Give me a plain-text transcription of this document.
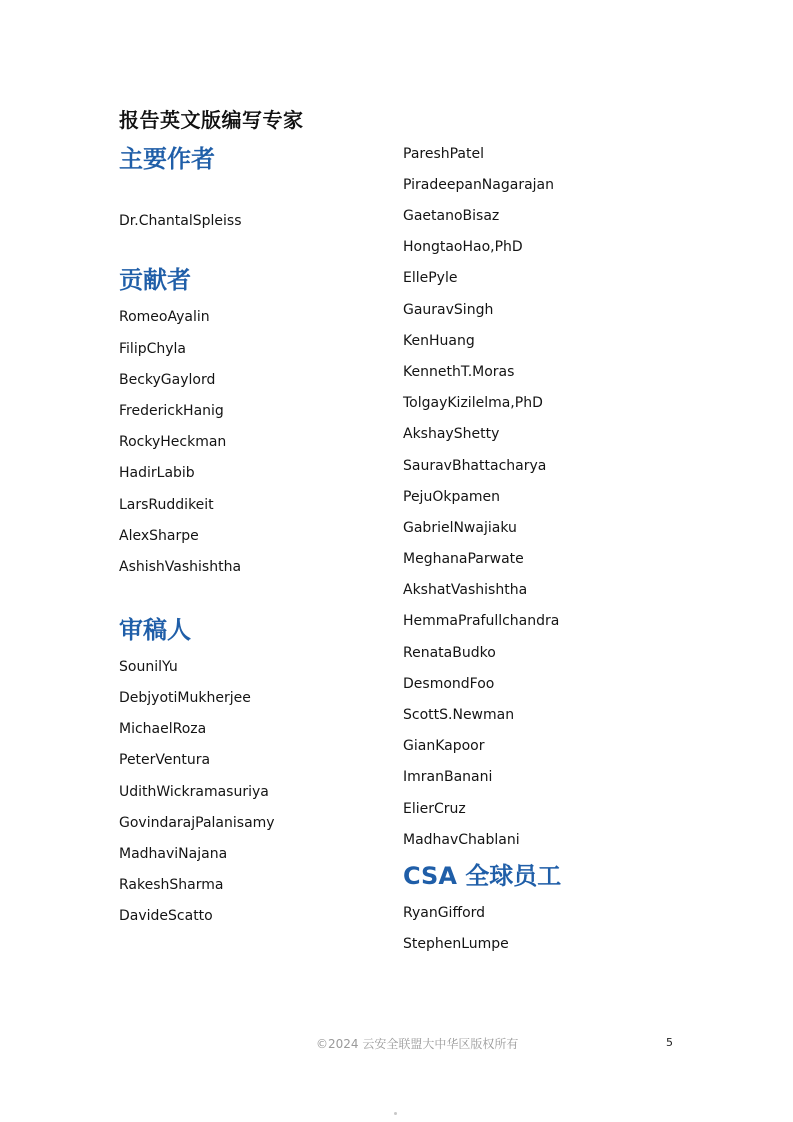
报告英文版编写专家
主要作者
Dr.ChantalSpleiss
贡献者
RomeoAyalin
FilipChyla
BeckyGaylord
FrederickHanig
RockyHeckman
HadirLabib
LarsRuddikeit
AlexSharpe
AshishVashishtha
审稿人
SounilYu
DebjyotiMukherjee
MichaelRoza
PeterVentura
UdithWickramasuriya
GovindarajPalanisamy
MadhaviNajana
RakeshSharma
DavideScatto
PareshPatel
PiradeepanNagarajan
GaetanoBisaz
HongtaoHao,PhD
EllePyle
GauravSingh
KenHuang
KennethT.Moras
TolgayKizilelma,PhD
AkshayShetty
SauravBhattacharya
PejuOkpamen
GabrielNwajiaku
MeghanaParwate
AkshatVashishtha
HemmaPrafullchandra
RenataBudko
DesmondFoo
ScottS.Newman
GianKapoor
ImranBanani
ElierCruz
MadhavChablani
CSA 全球员工
RyanGifford
StephenLumpe
©2024 云安全联盟大中华区版权所有	5
